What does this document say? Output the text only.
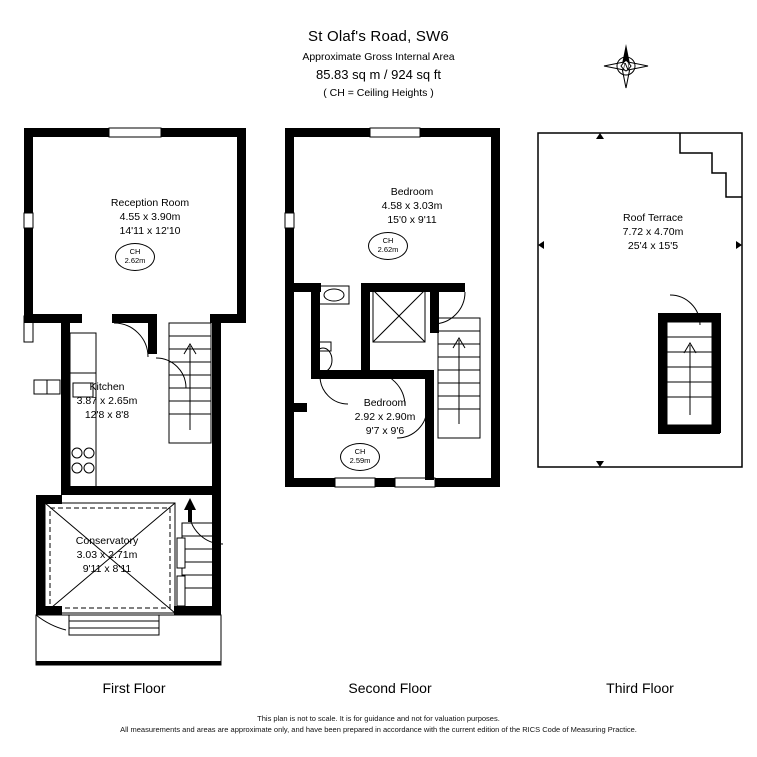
St Olaf's Road, SW6
Approximate Gross Internal Area
85.83 sq m / 924 sq ft
( CH = Ceiling Heights )
N
Reception Room
4.55 x 3.90m
14'11 x 12'10
CH
2.62m
Kitchen
3.87 x 2.65m
12'8 x 8'8
Conservatory
3.03 x 2.71m
9'11 x 8'11
Bedroom
4.58 x 3.03m
15'0 x 9'11
CH
2.62m
Bedroom
2.92 x 2.90m
9'7 x 9'6
CH
2.59m
Roof Terrace
7.72 x 4.70m
25'4 x 15'5
First Floor	Second Floor	Third Floor
This plan is not to scale. It is for guidance and not for valuation purposes.
All measurements and areas are approximate only, and have been prepared in accordance with the current edition of the RICS Code of Measuring Practice.
